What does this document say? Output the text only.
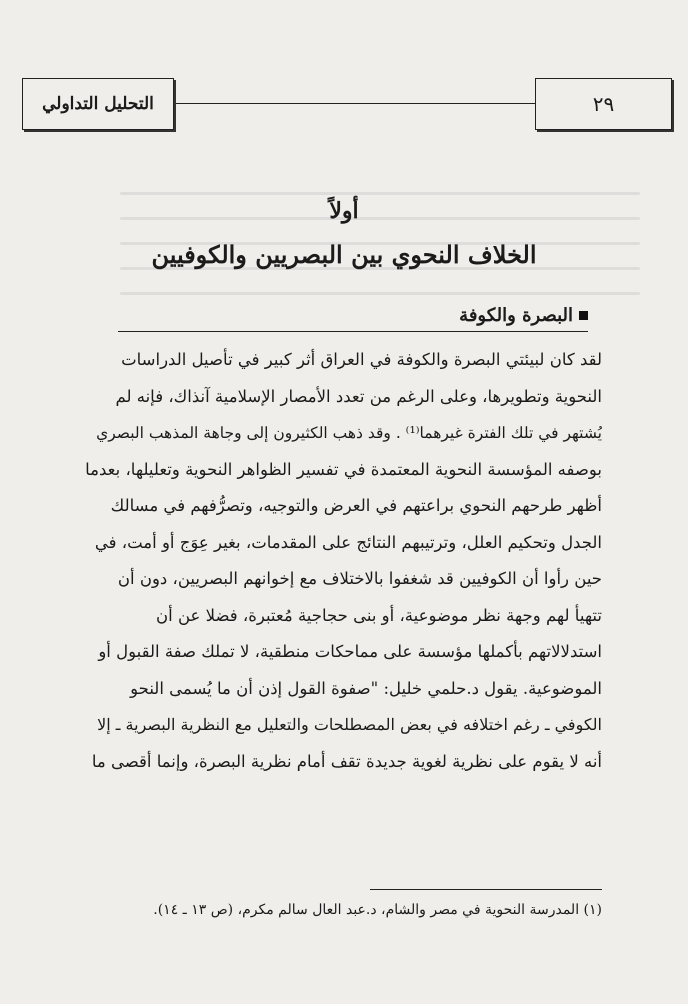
التحليل التداولي	٢٩
أولاً
الخلاف النحوي بين البصريين والكوفيين
البصرة والكوفة
لقد كان لبيئتي البصرة والكوفة في العراق أثر كبير في تأصيل الدراسات
النحوية وتطويرها، وعلى الرغم من تعدد الأمصار الإسلامية آنذاك، فإنه لم
يُشتهر في تلك الفترة غيرهما⁽¹⁾ . وقد ذهب الكثيرون إلى وجاهة المذهب البصري
بوصفه المؤسسة النحوية المعتمدة في تفسير الظواهر النحوية وتعليلها، بعدما
أظهر طرحهم النحوي براعتهم في العرض والتوجيه، وتصرُّفهم في مسالك
الجدل وتحكيم العلل، وترتيبهم النتائج على المقدمات، بغير عِوَج أو أمت، في
حين رأوا أن الكوفيين قد شغفوا بالاختلاف مع إخوانهم البصريين، دون أن
تتهيأ لهم وجهة نظر موضوعية، أو بنى حجاجية مُعتبرة، فضلا عن أن
استدلالاتهم بأكملها مؤسسة على مماحكات منطقية، لا تملك صفة القبول أو
الموضوعية. يقول د.حلمي خليل: "صفوة القول إذن أن ما يُسمى النحو
الكوفي ـ رغم اختلافه في بعض المصطلحات والتعليل مع النظرية البصرية ـ إلا
أنه لا يقوم على نظرية لغوية جديدة تقف أمام نظرية البصرة، وإنما أقصى ما
(١) المدرسة النحوية في مصر والشام، د.عبد العال سالم مكرم، (ص ١٣ ـ ١٤).
